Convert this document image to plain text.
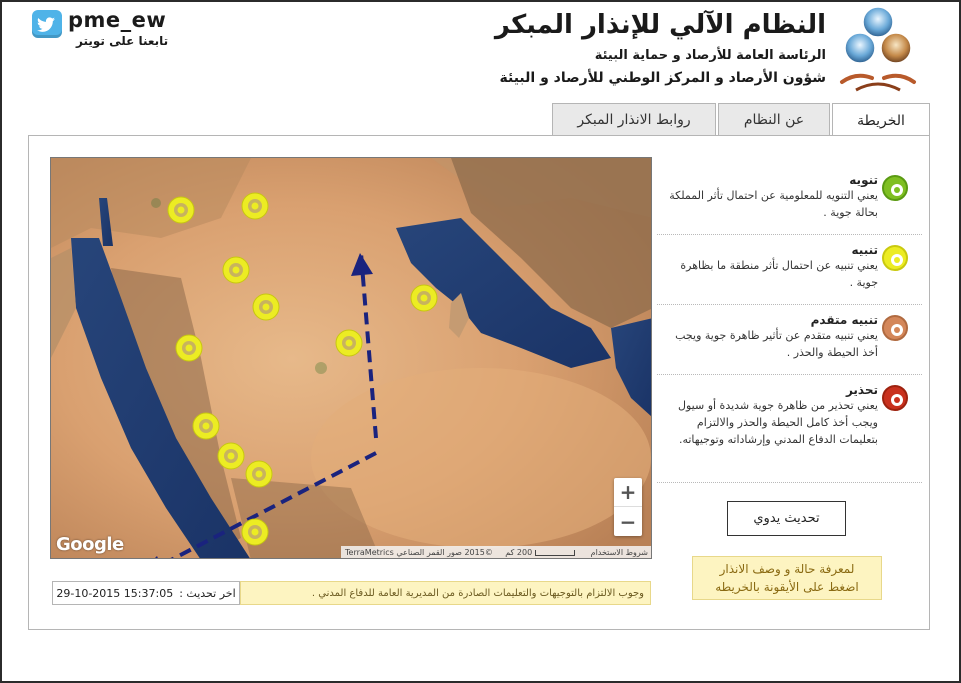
pme_ew
تابعنا على تويتر
النظام الآلي للإنذار المبكر
الرئاسة العامة للأرصاد و حماية البيئة
شؤون الأرصاد و المركز الوطني للأرصاد و البيئة
روابط الانذار المبكر	عن النظام	الخريطة
+
−
Google	شروط الاستخدام
200 كم
©2015 صور القمر الصناعي TerraMetrics
تنويه
يعني التنويه للمعلومية عن احتمال تأثر المملكة بحالة جوية .
تنبيه
يعني تنبيه عن احتمال تأثر منطقة ما بظاهرة جوية .
تنبيه متقدم
يعني تنبيه متقدم عن تأثير ظاهرة جوية ويجب أخذ الحيطة والحذر .
تحذير
يعني تحذير من ظاهرة جوية شديدة أو سيول ويجب أخذ كامل الحيطة والحذر والالتزام بتعليمات الدفاع المدني وإرشاداته وتوجيهاته.
تحديث يدوي
لمعرفة حالة و وصف الانذار
اضغط على الأيقونة بالخريطه
اخر تحديث :
29-10-2015 15:37:05	وجوب الالتزام بالتوجيهات والتعليمات الصادرة من المديرية العامة للدفاع المدني .
